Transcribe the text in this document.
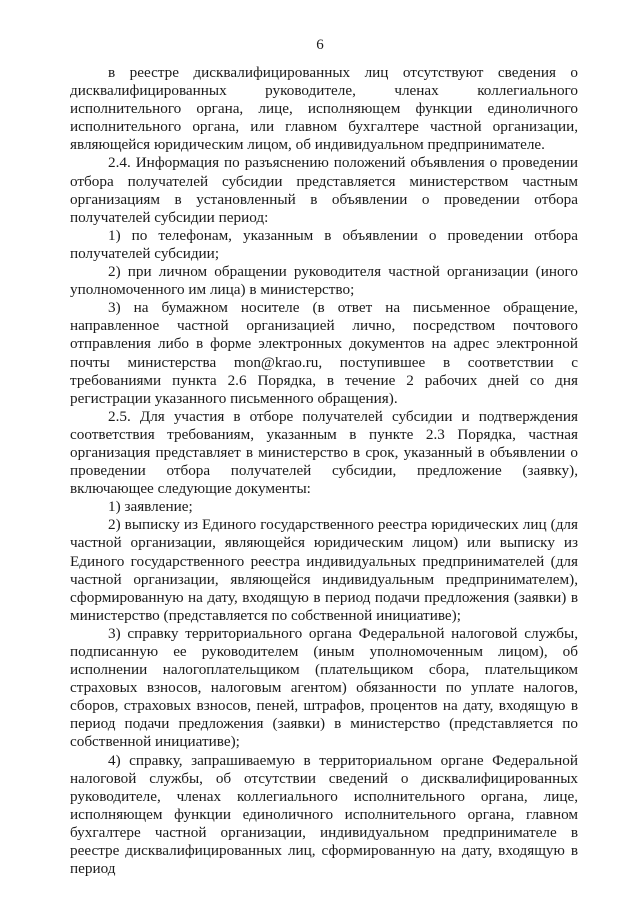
6

в реестре дисквалифицированных лиц отсутствуют сведения о дисквалифицированных руководителе, членах коллегиального исполнительного органа, лице, исполняющем функции единоличного исполнительного органа, или главном бухгалтере частной организации, являющейся юридическим лицом, об индивидуальном предпринимателе.

2.4. Информация по разъяснению положений объявления о проведении отбора получателей субсидии представляется министерством частным организациям в установленный в объявлении о проведении отбора получателей субсидии период:

1) по телефонам, указанным в объявлении о проведении отбора получателей субсидии;

2) при личном обращении руководителя частной организации (иного уполномоченного им лица) в министерство;

3) на бумажном носителе (в ответ на письменное обращение, направленное частной организацией лично, посредством почтового отправления либо в форме электронных документов на адрес электронной почты министерства mon@krao.ru, поступившее в соответствии с требованиями пункта 2.6 Порядка, в течение 2 рабочих дней со дня регистрации указанного письменного обращения).

2.5. Для участия в отборе получателей субсидии и подтверждения соответствия требованиям, указанным в пункте 2.3 Порядка, частная организация представляет в министерство в срок, указанный в объявлении о проведении отбора получателей субсидии, предложение (заявку), включающее следующие документы:

1) заявление;

2) выписку из Единого государственного реестра юридических лиц (для частной организации, являющейся юридическим лицом) или выписку из Единого государственного реестра индивидуальных предпринимателей (для частной организации, являющейся индивидуальным предпринимателем), сформированную на дату, входящую в период подачи предложения (заявки) в министерство (представляется по собственной инициативе);

3) справку территориального органа Федеральной налоговой службы, подписанную ее руководителем (иным уполномоченным лицом), об исполнении налогоплательщиком (плательщиком сбора, плательщиком страховых взносов, налоговым агентом) обязанности по уплате налогов, сборов, страховых взносов, пеней, штрафов, процентов на дату, входящую в период подачи предложения (заявки) в министерство (представляется по собственной инициативе);

4) справку, запрашиваемую в территориальном органе Федеральной налоговой службы, об отсутствии сведений о дисквалифицированных руководителе, членах коллегиального исполнительного органа, лице, исполняющем функции единоличного исполнительного органа, главном бухгалтере частной организации, индивидуальном предпринимателе в реестре дисквалифицированных лиц, сформированную на дату, входящую в период
